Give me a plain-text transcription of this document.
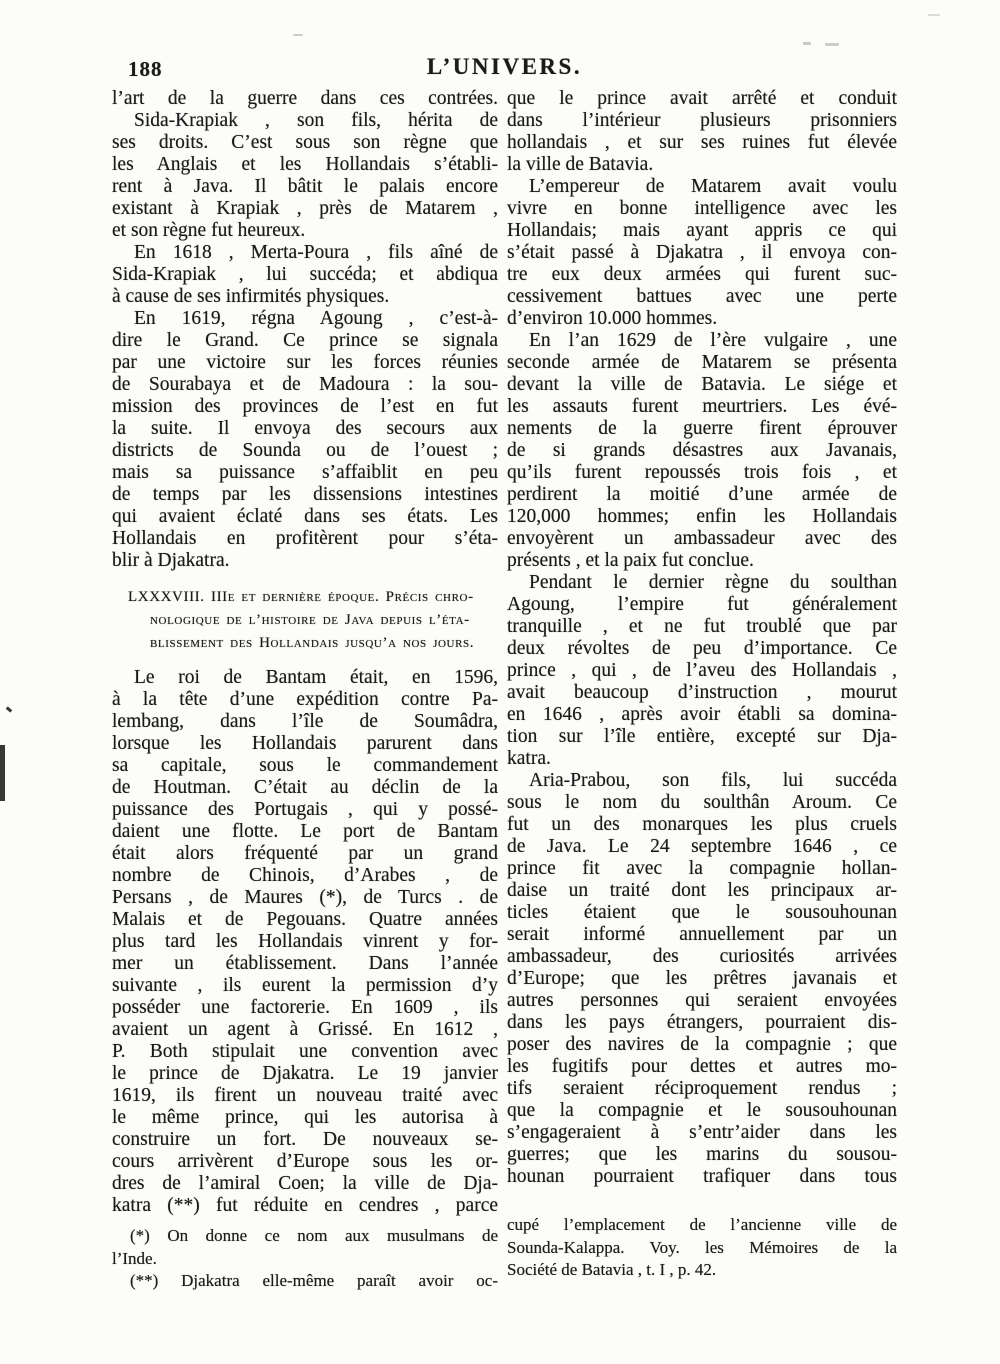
188	L’UNIVERS.
l’art de la guerre dans ces contrées.
Sida-Krapiak , son fils, hérita de
ses droits. C’est sous son règne que
les Anglais et les Hollandais s’établi-
rent à Java. Il bâtit le palais encore
existant à Krapiak , près de Matarem ,
et son règne fut heureux.
En 1618 , Merta-Poura , fils aîné de
Sida-Krapiak , lui succéda; et abdiqua
à cause de ses infirmités physiques.
En 1619, régna Agoung , c’est-à-
dire le Grand. Ce prince se signala
par une victoire sur les forces réunies
de Sourabaya et de Madoura : la sou-
mission des provinces de l’est en fut
la suite. Il envoya des secours aux
districts de Sounda ou de l’ouest ;
mais sa puissance s’affaiblit en peu
de temps par les dissensions intestines
qui avaient éclaté dans ses états. Les
Hollandais en profitèrent pour s’éta-
blir à Djakatra.
LXXXVIII. IIIe et dernière époque. Précis chro-
nologique de l’histoire de Java depuis l’éta-
blissement des Hollandais jusqu’a nos jours.
Le roi de Bantam était, en 1596,
à la tête d’une expédition contre Pa-
lembang, dans l’île de Soumâdra,
lorsque les Hollandais parurent dans
sa capitale, sous le commandement
de Houtman. C’était au déclin de la
puissance des Portugais , qui y possé-
daient une flotte. Le port de Bantam
était alors fréquenté par un grand
nombre de Chinois, d’Arabes , de
Persans , de Maures (*), de Turcs . de
Malais et de Pegouans. Quatre années
plus tard les Hollandais vinrent y for-
mer un établissement. Dans l’année
suivante , ils eurent la permission d’y
posséder une factorerie. En 1609 , ils
avaient un agent à Grissé. En 1612 ,
P. Both stipulait une convention avec
le prince de Djakatra. Le 19 janvier
1619, ils firent un nouveau traité avec
le même prince, qui les autorisa à
construire un fort. De nouveaux se-
cours arrivèrent d’Europe sous les or-
dres de l’amiral Coen; la ville de Dja-
katra (**) fut réduite en cendres , parce
(*) On donne ce nom aux musulmans de
l’Inde.
(**) Djakatra elle-même paraît avoir oc-
que le prince avait arrêté et conduit
dans l’intérieur plusieurs prisonniers
hollandais , et sur ses ruines fut élevée
la ville de Batavia.
L’empereur de Matarem avait voulu
vivre en bonne intelligence avec les
Hollandais; mais ayant appris ce qui
s’était passé à Djakatra , il envoya con-
tre eux deux armées qui furent suc-
cessivement battues avec une perte
d’environ 10.000 hommes.
En l’an 1629 de l’ère vulgaire , une
seconde armée de Matarem se présenta
devant la ville de Batavia. Le siége et
les assauts furent meurtriers. Les évé-
nements de la guerre firent éprouver
de si grands désastres aux Javanais,
qu’ils furent repoussés trois fois , et
perdirent la moitié d’une armée de
120,000 hommes; enfin les Hollandais
envoyèrent un ambassadeur avec des
présents , et la paix fut conclue.
Pendant le dernier règne du soulthan
Agoung, l’empire fut généralement
tranquille , et ne fut troublé que par
deux révoltes de peu d’importance. Ce
prince , qui , de l’aveu des Hollandais ,
avait beaucoup d’instruction , mourut
en 1646 , après avoir établi sa domina-
tion sur l’île entière, excepté sur Dja-
katra.
Aria-Prabou, son fils, lui succéda
sous le nom du soulthân Aroum. Ce
fut un des monarques les plus cruels
de Java. Le 24 septembre 1646 , ce
prince fit avec la compagnie hollan-
daise un traité dont les principaux ar-
ticles étaient que le sousouhounan
serait informé annuellement par un
ambassadeur, des curiosités arrivées
d’Europe; que les prêtres javanais et
autres personnes qui seraient envoyées
dans les pays étrangers, pourraient dis-
poser des navires de la compagnie ; que
les fugitifs pour dettes et autres mo-
tifs seraient réciproquement rendus ;
que la compagnie et le sousouhounan
s’engageraient à s’entr’aider dans les
guerres; que les marins du sousou-
hounan pourraient trafiquer dans tous
cupé l’emplacement de l’ancienne ville de
Sounda-Kalappa. Voy. les Mémoires de la
Société de Batavia , t. I , p. 42.
